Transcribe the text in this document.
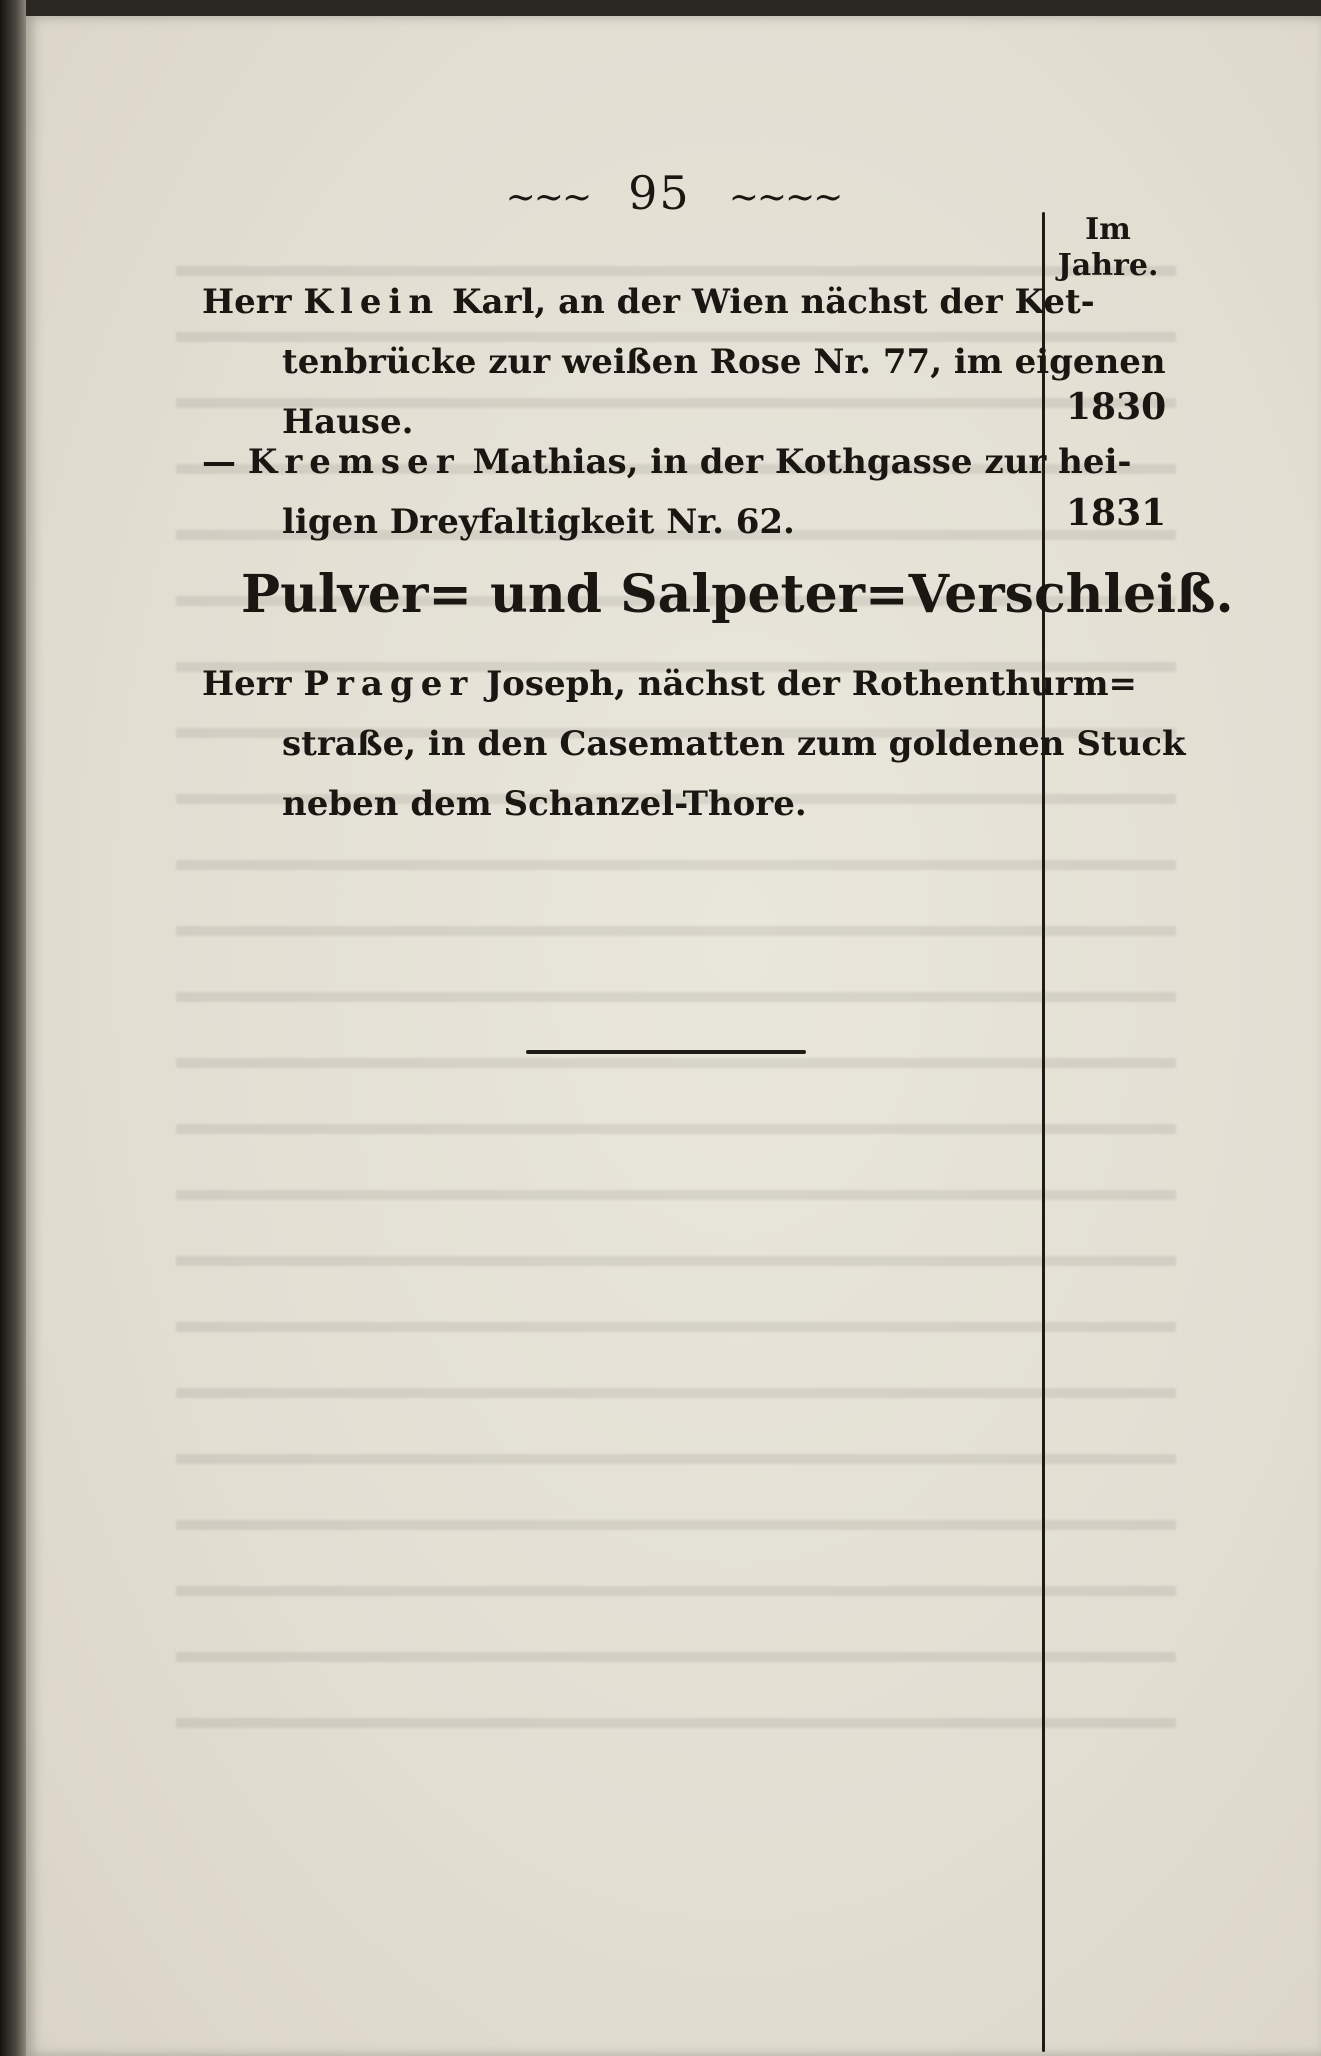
~~~ 95 ~~~~
Im
Jahre.
Herr Klein Karl, an der Wien nächst der Ket-
tenbrücke zur weißen Rose Nr. 77, im eigenen
Hause.	1830
— Kremser Mathias, in der Kothgasse zur hei-
ligen Dreyfaltigkeit Nr. 62.	1831
Pulver= und Salpeter=Verschleiß.
Herr Prager Joseph, nächst der Rothenthurm=
straße, in den Casematten zum goldenen Stuck
neben dem Schanzel-Thore.
